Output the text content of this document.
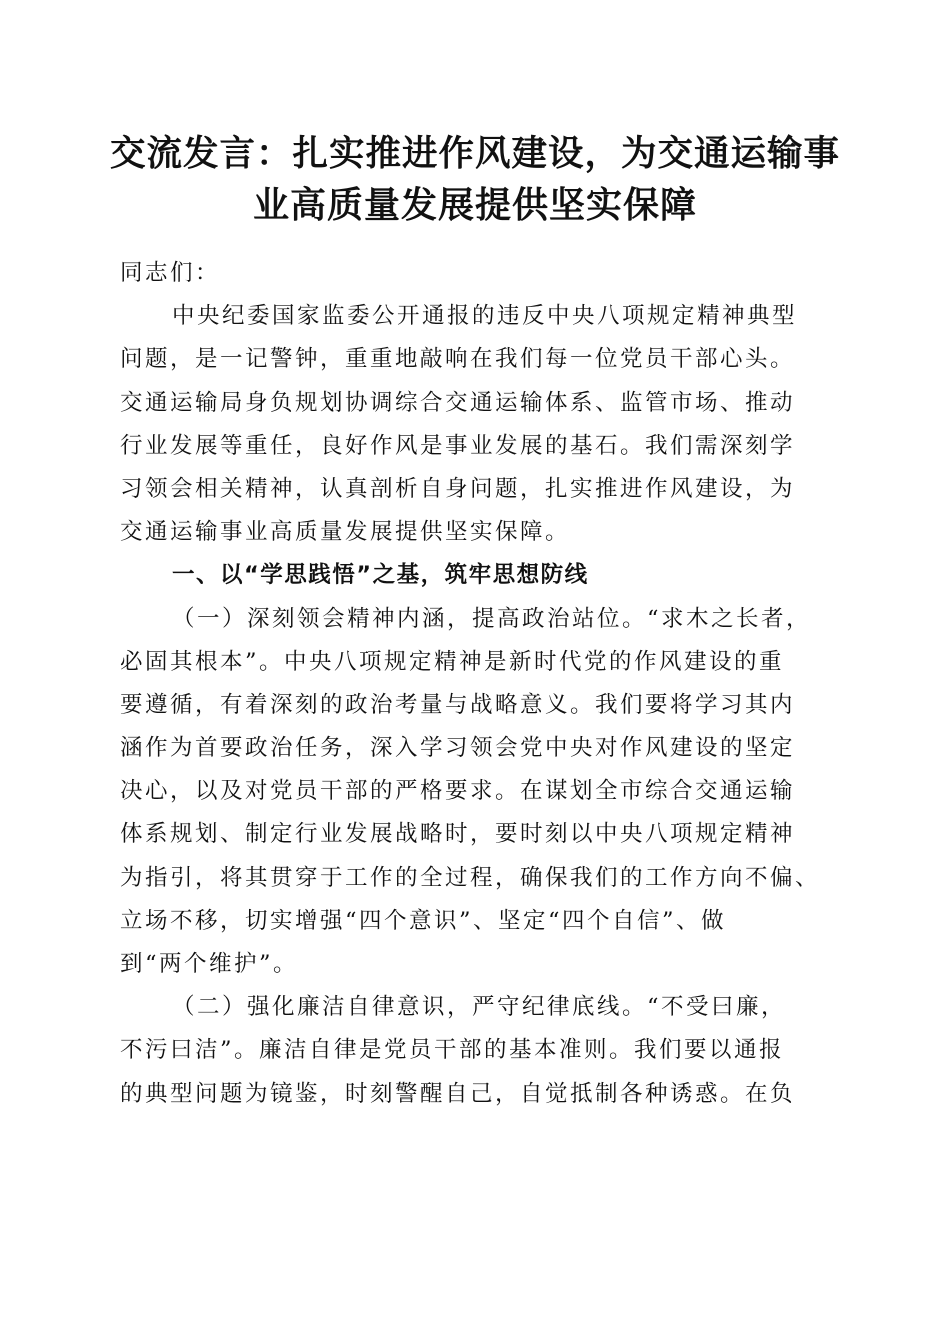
交流发言：扎实推进作风建设，为交通运输事
业高质量发展提供坚实保障
同志们：
中央纪委国家监委公开通报的违反中央八项规定精神典型
问题，是一记警钟，重重地敲响在我们每一位党员干部心头。
交通运输局身负规划协调综合交通运输体系、监管市场、推动
行业发展等重任，良好作风是事业发展的基石。我们需深刻学
习领会相关精神，认真剖析自身问题，扎实推进作风建设，为
交通运输事业高质量发展提供坚实保障。
一、以“学思践悟”之基，筑牢思想防线
（一）深刻领会精神内涵，提高政治站位。“求木之长者，
必固其根本”。中央八项规定精神是新时代党的作风建设的重
要遵循，有着深刻的政治考量与战略意义。我们要将学习其内
涵作为首要政治任务，深入学习领会党中央对作风建设的坚定
决心，以及对党员干部的严格要求。在谋划全市综合交通运输
体系规划、制定行业发展战略时，要时刻以中央八项规定精神
为指引，将其贯穿于工作的全过程，确保我们的工作方向不偏、
立场不移，切实增强“四个意识”、坚定“四个自信”、做
到“两个维护”。
（二）强化廉洁自律意识，严守纪律底线。“不受曰廉，
不污曰洁”。廉洁自律是党员干部的基本准则。我们要以通报
的典型问题为镜鉴，时刻警醒自己，自觉抵制各种诱惑。在负
